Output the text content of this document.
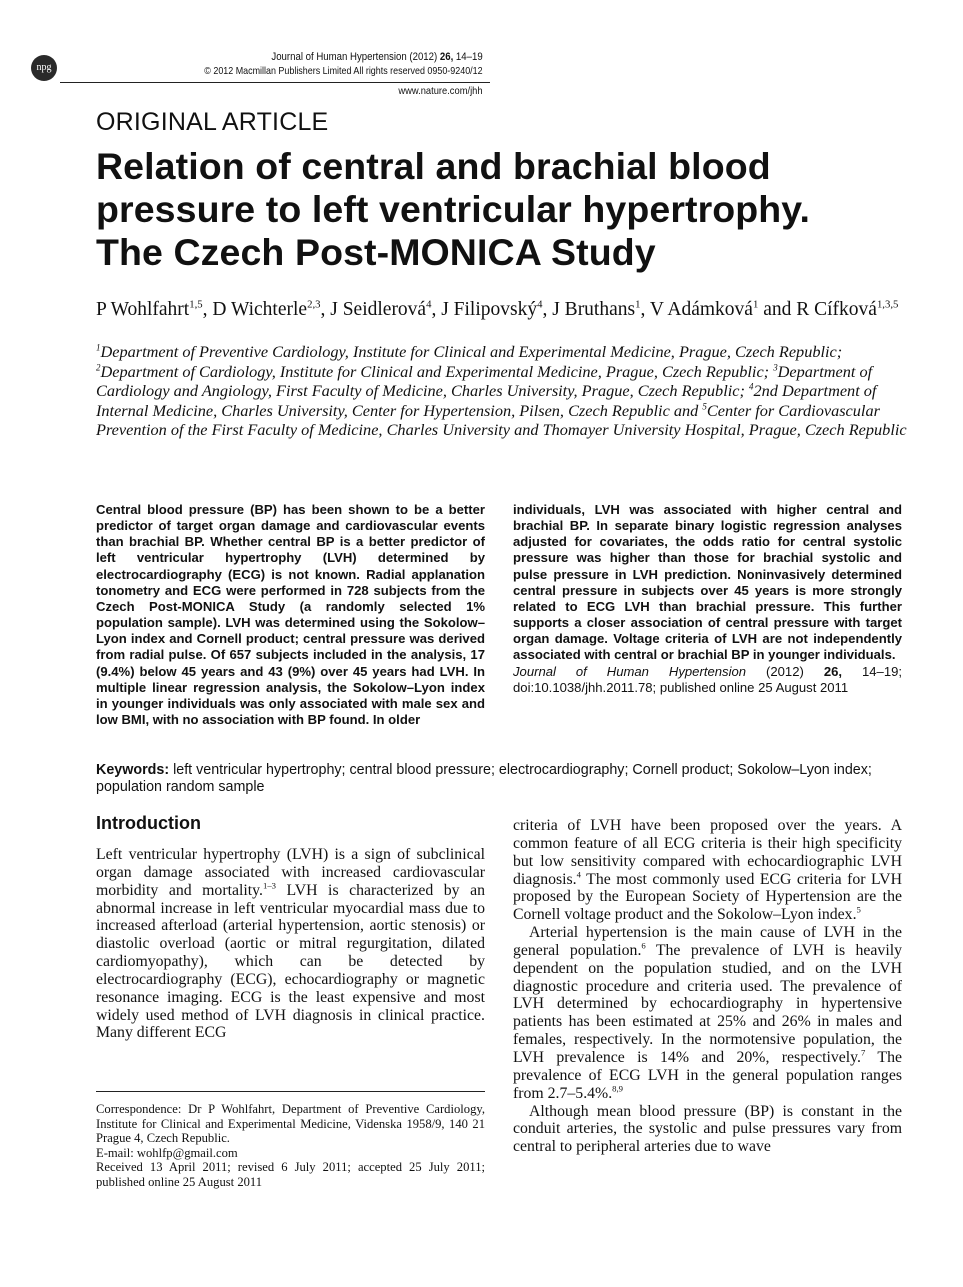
npg
Journal of Human Hypertension (2012) 26, 14–19
© 2012 Macmillan Publishers Limited All rights reserved 0950-9240/12
www.nature.com/jhh
ORIGINAL ARTICLE
Relation of central and brachial blood
pressure to left ventricular hypertrophy.
The Czech Post-MONICA Study
P Wohlfahrt$^{1,5}$, D Wichterle$^{2,3}$, J Seidlerová$^4$, J Filipovský$^4$, J Bruthans$^1$, V Adámková$^1$ and R Cífková$^{1,3,5}$
$^1$Department of Preventive Cardiology, Institute for Clinical and Experimental Medicine, Prague, Czech Republic; $^2$Department of Cardiology, Institute for Clinical and Experimental Medicine, Prague, Czech Republic; $^3$Department of Cardiology and Angiology, First Faculty of Medicine, Charles University, Prague, Czech Republic; $^4$2nd Department of Internal Medicine, Charles University, Center for Hypertension, Pilsen, Czech Republic and $^5$Center for Cardiovascular Prevention of the First Faculty of Medicine, Charles University and Thomayer University Hospital, Prague, Czech Republic
Central blood pressure (BP) has been shown to be a better predictor of target organ damage and cardiovascular events than brachial BP. Whether central BP is a better predictor of left ventricular hypertrophy (LVH) determined by electrocardiography (ECG) is not known. Radial applanation tonometry and ECG were performed in 728 subjects from the Czech Post-MONICA Study (a randomly selected 1% population sample). LVH was determined using the Sokolow–Lyon index and Cornell product; central pressure was derived from radial pulse. Of 657 subjects included in the analysis, 17 (9.4%) below 45 years and 43 (9%) over 45 years had LVH. In multiple linear regression analysis, the Sokolow–Lyon index in younger individuals was only associated with male sex and low BMI, with no association with BP found. In older
individuals, LVH was associated with higher central and brachial BP. In separate binary logistic regression analyses adjusted for covariates, the odds ratio for central systolic pressure was higher than those for brachial systolic and pulse pressure in LVH prediction. Noninvasively determined central pressure in subjects over 45 years is more strongly related to ECG LVH than brachial pressure. This further supports a closer association of central pressure with target organ damage. Voltage criteria of LVH are not independently associated with central or brachial BP in younger individuals.
Journal of Human Hypertension (2012) 26, 14–19; doi:10.1038/jhh.2011.78; published online 25 August 2011
Keywords: left ventricular hypertrophy; central blood pressure; electrocardiography; Cornell product; Sokolow–Lyon index; population random sample
Introduction

Left ventricular hypertrophy (LVH) is a sign of subclinical organ damage associated with increased cardiovascular morbidity and mortality.$^{1-3}$ LVH is characterized by an abnormal increase in left ventricular myocardial mass due to increased afterload (arterial hypertension, aortic stenosis) or diastolic overload (aortic or mitral regurgitation, dilated cardiomyopathy), which can be detected by electrocardiography (ECG), echocardiography or magnetic resonance imaging. ECG is the least expensive and most widely used method of LVH diagnosis in clinical practice. Many different ECG

criteria of LVH have been proposed over the years. A common feature of all ECG criteria is their high specificity but low sensitivity compared with echocardiographic LVH diagnosis.$^4$ The most commonly used ECG criteria for LVH proposed by the European Society of Hypertension are the Cornell voltage product and the Sokolow–Lyon index.$^5$

Arterial hypertension is the main cause of LVH in the general population.$^6$ The prevalence of LVH is heavily dependent on the population studied, and on the LVH diagnostic procedure and criteria used. The prevalence of LVH determined by echocardiography in hypertensive patients has been estimated at 25% and 26% in males and females, respectively. In the normotensive population, the LVH prevalence is 14% and 20%, respectively.$^7$ The prevalence of ECG LVH in the general population ranges from 2.7–5.4%.$^{8,9}$

Although mean blood pressure (BP) is constant in the conduit arteries, the systolic and pulse pressures vary from central to peripheral arteries due to wave

Correspondence: Dr P Wohlfahrt, Department of Preventive Cardiology, Institute for Clinical and Experimental Medicine, Videnska 1958/9, 140 21 Prague 4, Czech Republic.
E-mail: wohlfp@gmail.com
Received 13 April 2011; revised 6 July 2011; accepted 25 July 2011; published online 25 August 2011
